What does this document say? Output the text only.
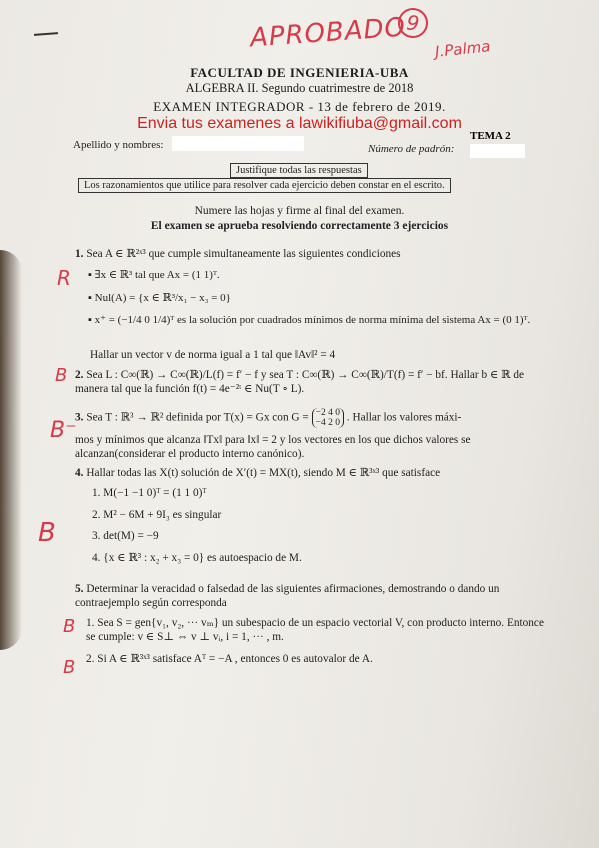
APROBADO
9
J.Palma
FACULTAD DE INGENIERIA-UBA
ALGEBRA II. Segundo cuatrimestre de 2018
EXAMEN INTEGRADOR - 13 de febrero de 2019.
Envia tus examenes a lawikifiuba@gmail.com
TEMA 2
Apellido y nombres:	Número de padrón:
Justifique todas las respuestas
Los razonamientos que utilice para resolver cada ejercicio deben constar en el escrito.
Numere las hojas y firme al final del examen.
El examen se aprueba resolviendo correctamente 3 ejercicios
1. Sea A ∈ ℝ²ˣ³ que cumple simultaneamente las siguientes condiciones
▪ ∃x ∈ ℝ³ tal que Ax = (1 1)ᵀ.
▪ Nul(A) = {x ∈ ℝ³/x₁ − x₃ = 0}
▪ x⁺ = (−1/4 0 1/4)ᵀ es la solución por cuadrados mínimos de norma mínima del sistema Ax = (0 1)ᵀ.
Hallar un vector v de norma igual a 1 tal que ‖Av‖² = 4
2. Sea L : C∞(ℝ) → C∞(ℝ)/L(f) = f′ − f y sea T : C∞(ℝ) → C∞(ℝ)/T(f) = f′ − bf. Hallar b ∈ ℝ de manera tal que la función f(t) = 4e⁻²ᵗ ∈ Nu(T ∘ L).
3. Sea T : ℝ³ → ℝ² definida por T(x) = Gx con G = −2 4 0
−4 2 0 . Hallar los valores máxi-
mos y mínimos que alcanza ‖Tx‖ para ‖x‖ = 2 y los vectores en los que dichos valores se alcanzan(considerar el producto interno canónico).
4. Hallar todas las X(t) solución de X′(t) = MX(t), siendo M ∈ ℝ³ˣ³ que satisface
1. M(−1 −1 0)ᵀ = (1 1 0)ᵀ
2. M² − 6M + 9I₃ es singular
3. det(M) = −9
4. {x ∈ ℝ³ : x₂ + x₃ = 0} es autoespacio de M.
5. Determinar la veracidad o falsedad de las siguientes afirmaciones, demostrando o dando un contraejemplo según corresponda
1. Sea S = gen{v₁, v₂, ··· vₘ} un subespacio de un espacio vectorial V, con producto interno. Entonce se cumple: v ∈ S⊥ ⇔ v ⊥ vᵢ, i = 1, ··· , m.
2. Si A ∈ ℝ³ˣ³ satisface Aᵀ = −A , entonces 0 es autovalor de A.
R
B
B⁻
B
B
B
